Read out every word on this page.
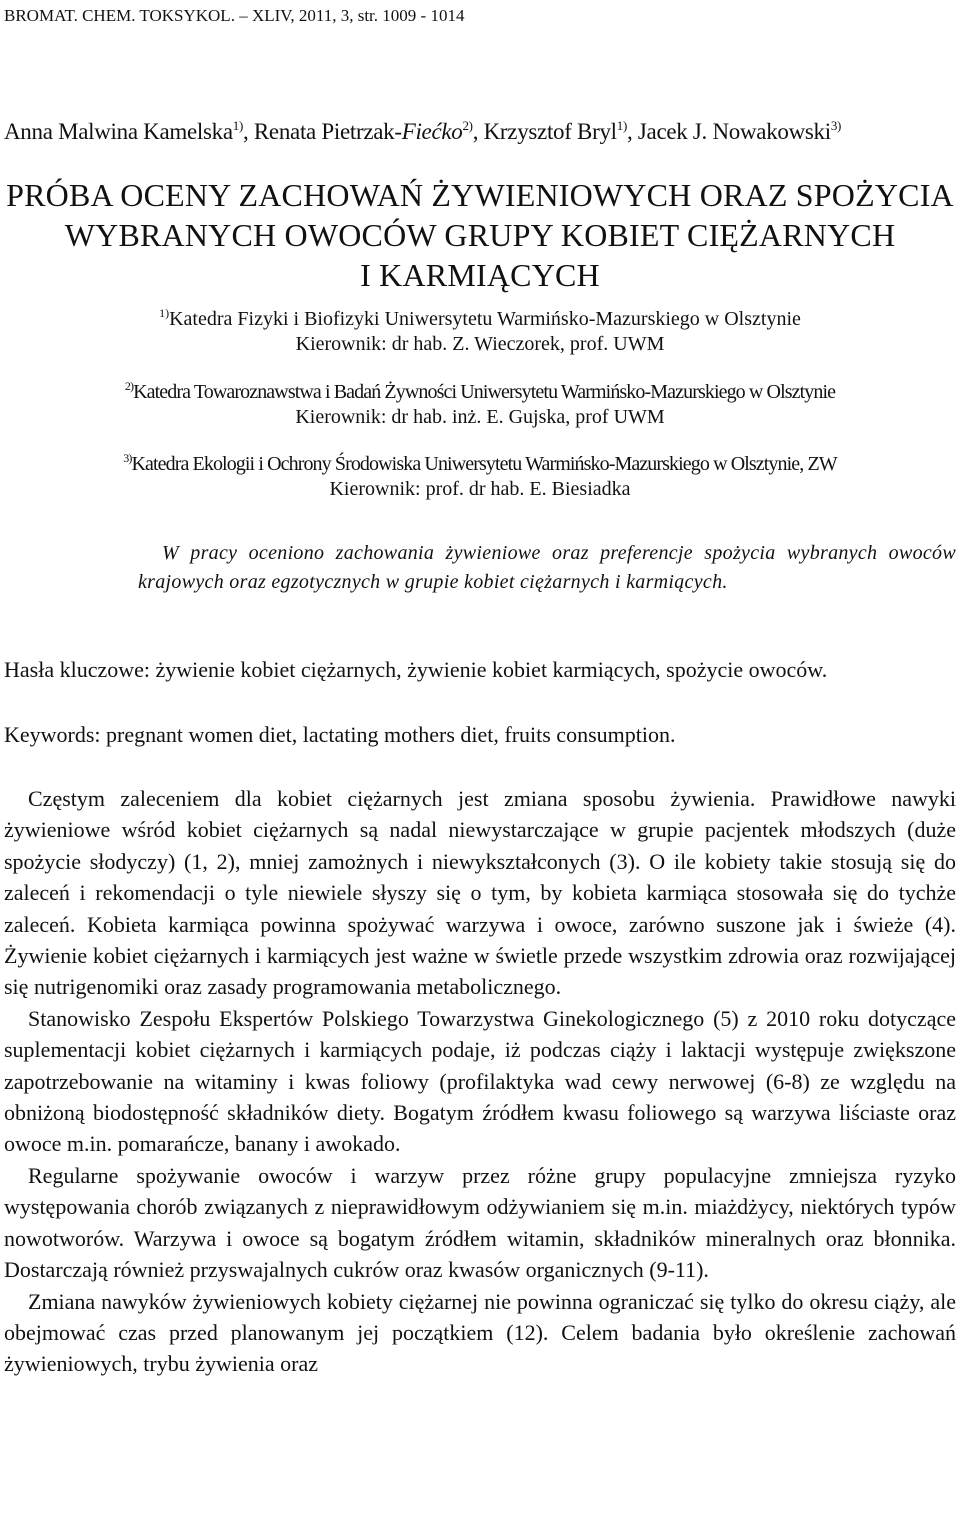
BROMAT. CHEM. TOKSYKOL. – XLIV, 2011, 3, str. 1009 - 1014
Anna Malwina Kamelska$^{1)}$, Renata Pietrzak-Fiećko$^{2)}$, Krzysztof Bryl$^{1)}$, Jacek J. Nowakowski$^{3)}$
PRÓBA OCENY ZACHOWAŃ ŻYWIENIOWYCH ORAZ SPOŻYCIA
WYBRANYCH OWOCÓW GRUPY KOBIET CIĘŻARNYCH
I KARMIĄCYCH
$^{1)}$Katedra Fizyki i Biofizyki Uniwersytetu Warmińsko-Mazurskiego w Olsztynie
Kierownik: dr hab. Z. Wieczorek, prof. UWM
$^{2)}$Katedra Towaroznawstwa i Badań Żywności Uniwersytetu Warmińsko-Mazurskiego w Olsztynie
Kierownik: dr hab. inż. E. Gujska, prof UWM
$^{3)}$Katedra Ekologii i Ochrony Środowiska Uniwersytetu Warmińsko-Mazurskiego w Olsztynie, ZW
Kierownik: prof. dr hab. E. Biesiadka
W pracy oceniono zachowania żywieniowe oraz preferencje spożycia wybranych owoców krajowych oraz egzotycznych w grupie kobiet ciężarnych i karmiących.
Hasła kluczowe: żywienie kobiet ciężarnych, żywienie kobiet karmiących, spożycie owoców.
Keywords: pregnant women diet, lactating mothers diet, fruits consumption.

Częstym zaleceniem dla kobiet ciężarnych jest zmiana sposobu żywienia. Prawidłowe nawyki żywieniowe wśród kobiet ciężarnych są nadal niewystarczające w grupie pacjentek młodszych (duże spożycie słodyczy) (1, 2), mniej zamożnych i niewykształconych (3). O ile kobiety takie stosują się do zaleceń i rekomendacji o tyle niewiele słyszy się o tym, by kobieta karmiąca stosowała się do tychże zaleceń. Kobieta karmiąca powinna spożywać warzywa i owoce, zarówno suszone jak i świeże (4). Żywienie kobiet ciężarnych i karmiących jest ważne w świetle przede wszystkim zdrowia oraz rozwijającej się nutrigenomiki oraz zasady programowania metabolicznego.

Stanowisko Zespołu Ekspertów Polskiego Towarzystwa Ginekologicznego (5) z 2010 roku dotyczące suplementacji kobiet ciężarnych i karmiących podaje, iż podczas ciąży i laktacji występuje zwiększone zapotrzebowanie na witaminy i kwas foliowy (profilaktyka wad cewy nerwowej (6-8) ze względu na obniżoną biodostępność składników diety. Bogatym źródłem kwasu foliowego są warzywa liściaste oraz owoce m.in. pomarańcze, banany i awokado.

Regularne spożywanie owoców i warzyw przez różne grupy populacyjne zmniejsza ryzyko występowania chorób związanych z nieprawidłowym odżywianiem się m.in. miażdżycy, niektórych typów nowotworów. Warzywa i owoce są bogatym źródłem witamin, składników mineralnych oraz błonnika. Dostarczają również przyswajalnych cukrów oraz kwasów organicznych (9-11).

Zmiana nawyków żywieniowych kobiety ciężarnej nie powinna ograniczać się tylko do okresu ciąży, ale obejmować czas przed planowanym jej początkiem (12). Celem badania było określenie zachowań żywieniowych, trybu żywienia oraz
